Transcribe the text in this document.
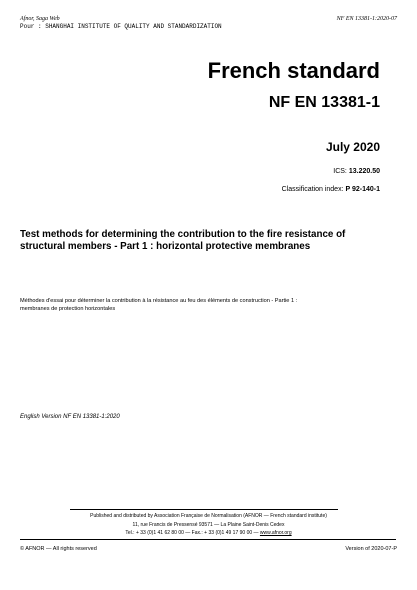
Afnor, Saga Web
Pour : SHANGHAI INSTITUTE OF QUALITY AND STANDARDIZATION
NF EN 13381-1:2020-07
French standard
NF EN 13381-1
July 2020
ICS: 13.220.50
Classification index: P 92-140-1
Test methods for determining the contribution to the fire resistance of
structural members - Part 1 : horizontal protective membranes
Méthodes d'essai pour déterminer la contribution à la résistance au feu des éléments de construction - Partie 1 :
membranes de protection horizontales
English Version NF EN 13381-1:2020
Published and distributed by Association Française de Normalisation (AFNOR — French standard institute)
11, rue Francis de Pressensé 93571 — La Plaine Saint-Denis Cedex
Tel.: + 33 (0)1 41 62 80 00 — Fax.: + 33 (0)1 49 17 90 00 — www.afnor.org
© AFNOR — All rights reserved	Version of 2020-07-P
